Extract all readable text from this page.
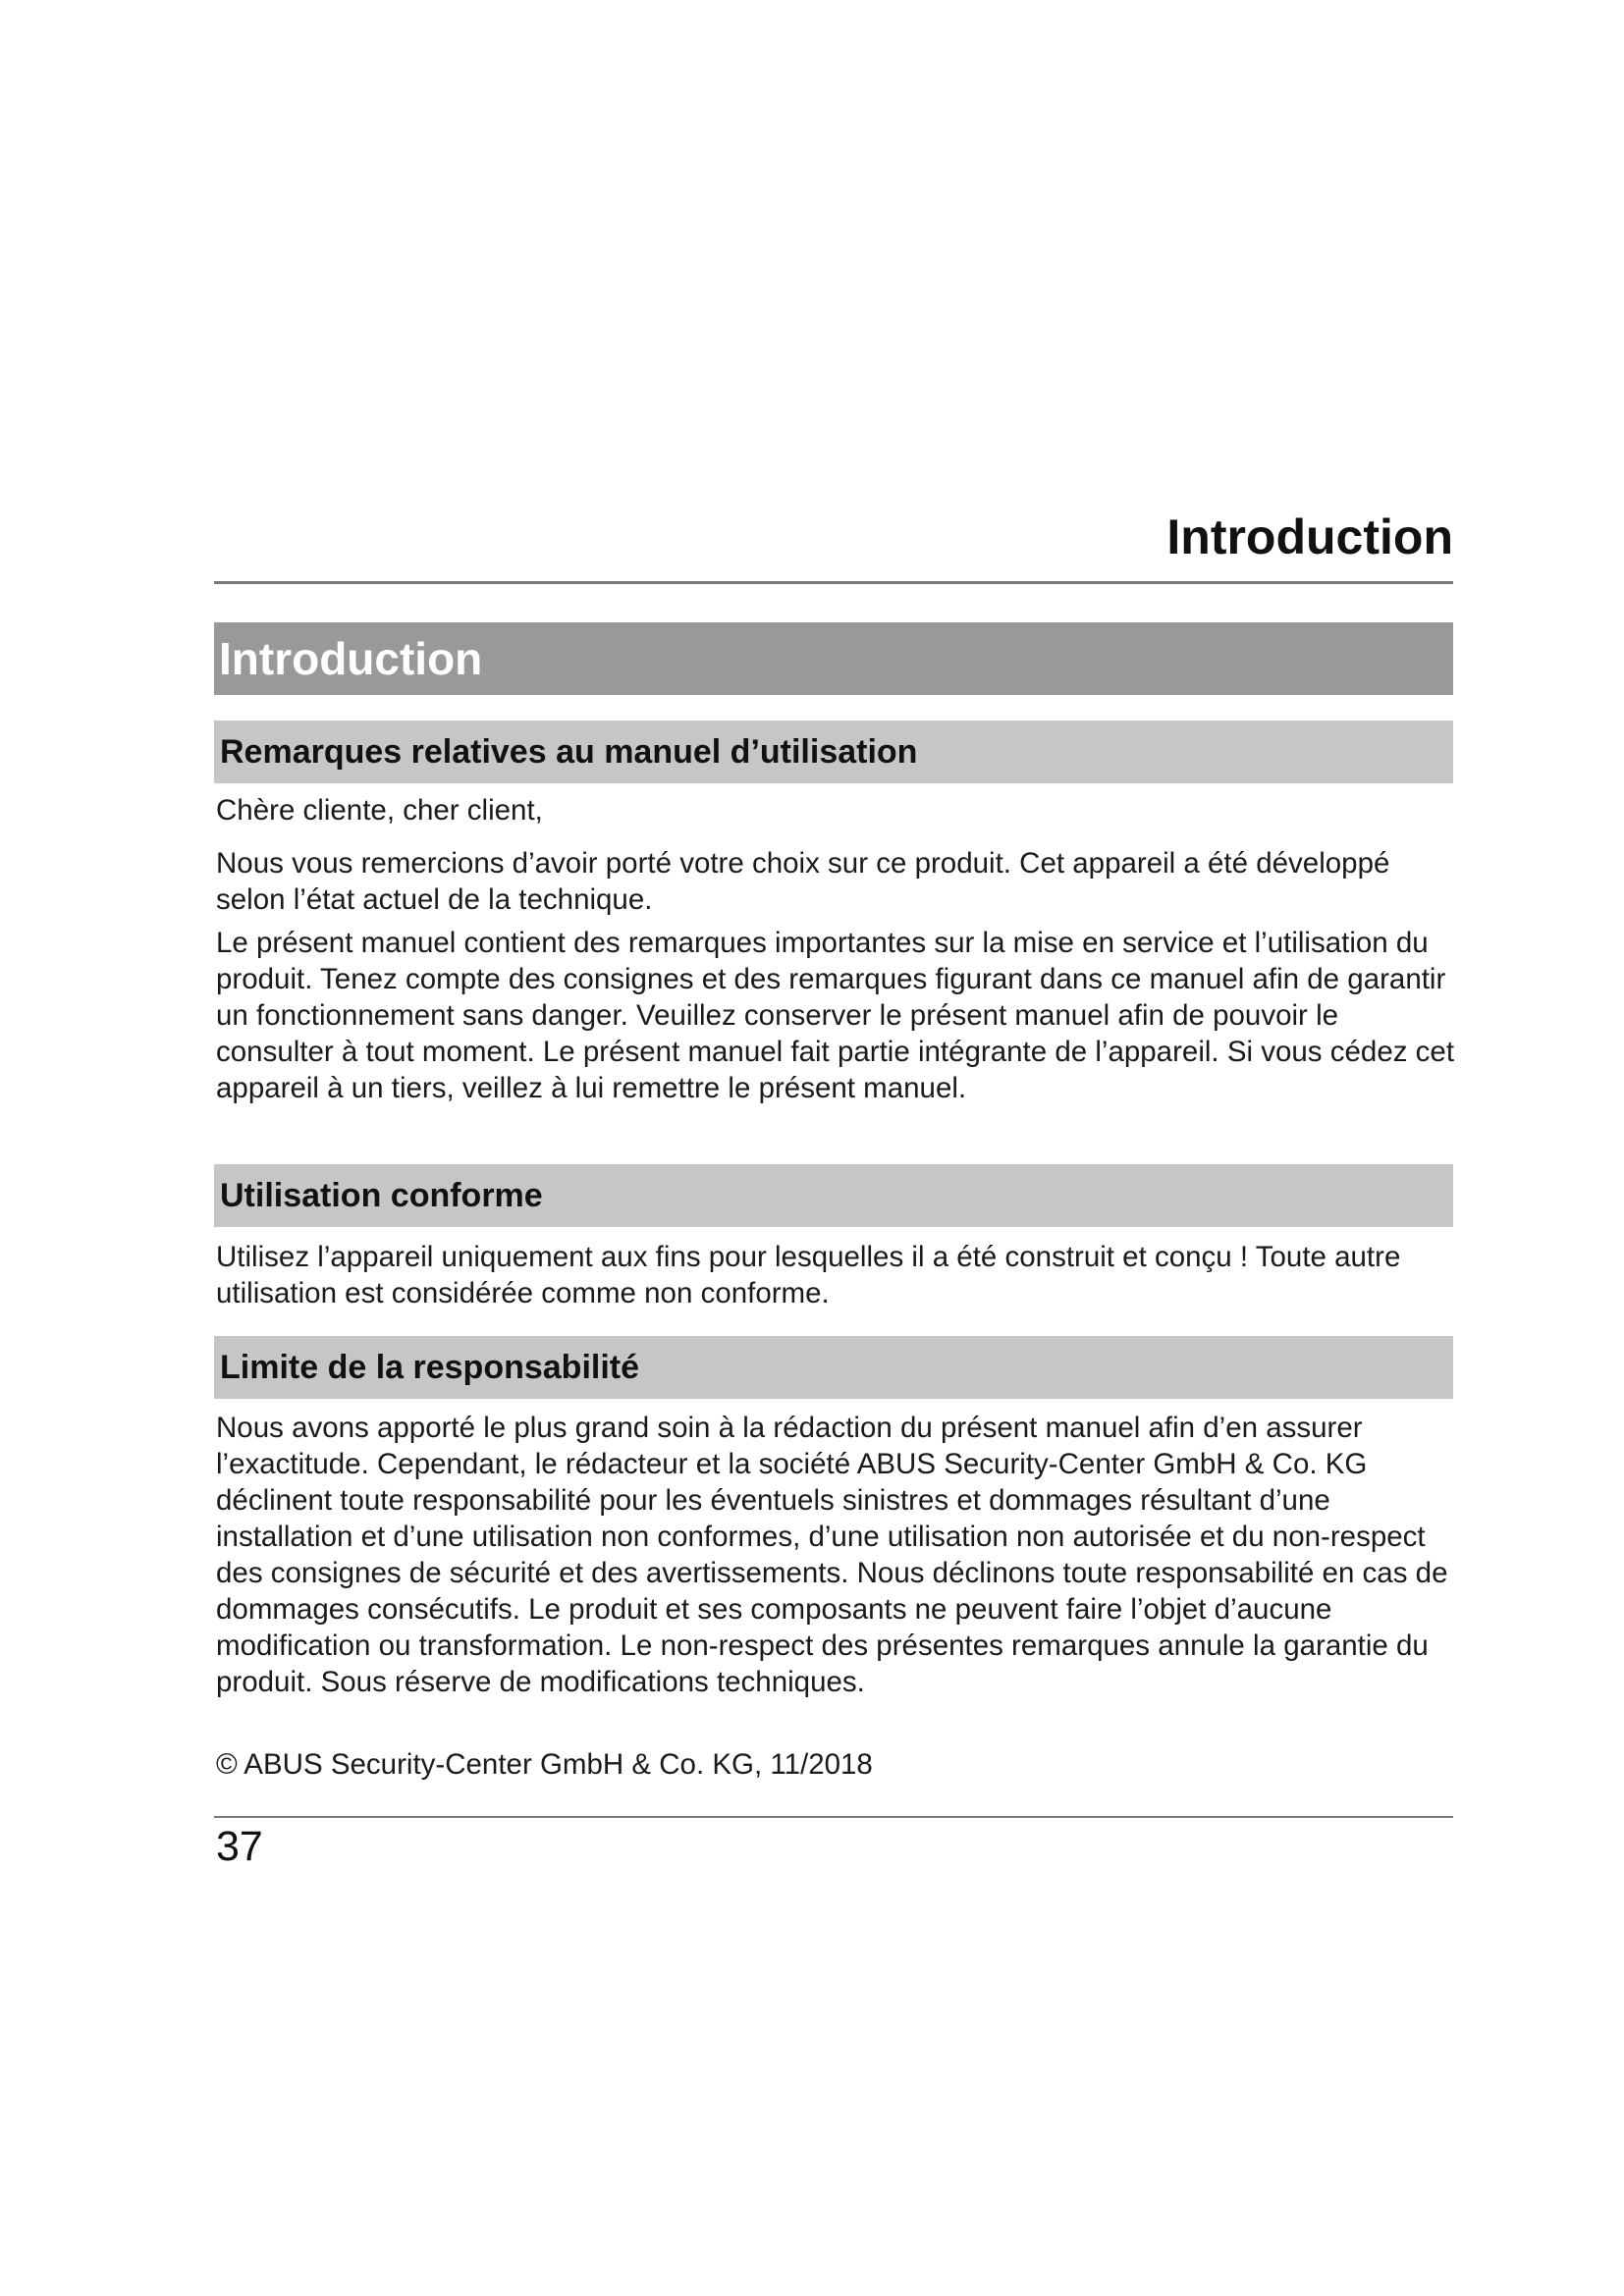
Introduction
Introduction
Remarques relatives au manuel d’utilisation

Chère cliente, cher client,

Nous vous remercions d’avoir porté votre choix sur ce produit. Cet appareil a été développé selon l’état actuel de la technique.

Le présent manuel contient des remarques importantes sur la mise en service et l’utilisation du produit. Tenez compte des consignes et des remarques figurant dans ce manuel afin de garantir un fonctionnement sans danger. Veuillez conserver le présent manuel afin de pouvoir le consulter à tout moment. Le présent manuel fait partie intégrante de l’appareil. Si vous cédez cet appareil à un tiers, veillez à lui remettre le présent manuel.

Utilisation conforme

Utilisez l’appareil uniquement aux fins pour lesquelles il a été construit et conçu ! Toute autre utilisation est considérée comme non conforme.

Limite de la responsabilité

Nous avons apporté le plus grand soin à la rédaction du présent manuel afin d’en assurer l’exactitude. Cependant, le rédacteur et la société ABUS Security-Center GmbH & Co. KG déclinent toute responsabilité pour les éventuels sinistres et dommages résultant d’une installation et d’une utilisation non conformes, d’une utilisation non autorisée et du non-respect des consignes de sécurité et des avertissements. Nous déclinons toute responsabilité en cas de dommages consécutifs. Le produit et ses composants ne peuvent faire l’objet d’aucune modification ou transformation. Le non-respect des présentes remarques annule la garantie du produit. Sous réserve de modifications techniques.

© ABUS Security-Center GmbH & Co. KG, 11/2018

37
